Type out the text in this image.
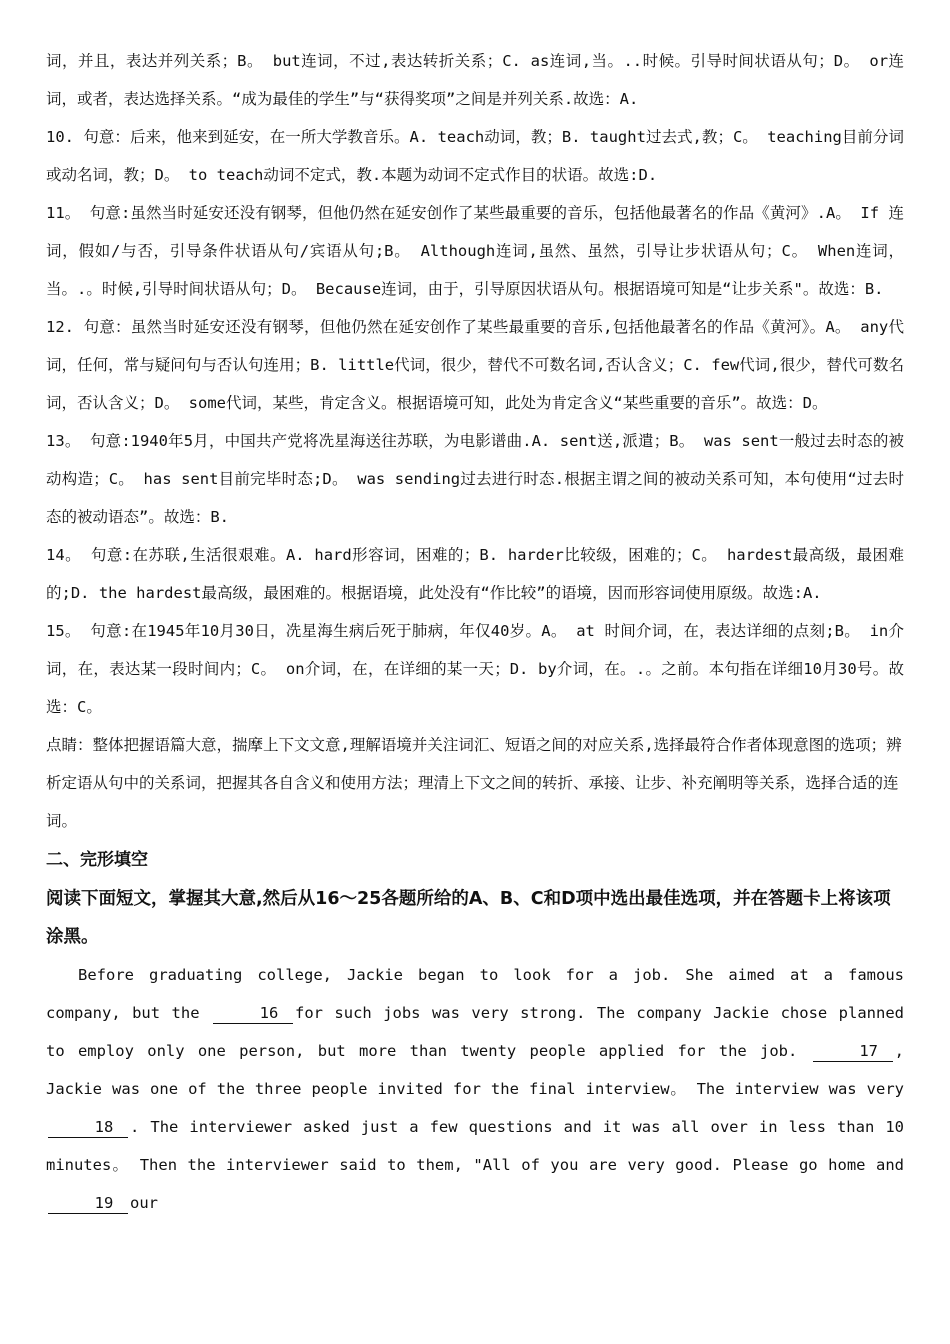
词，并且，表达并列关系；B。 but连词，不过,表达转折关系；C. as连词,当。..时候。引导时间状语从句；D。 or连词，或者，表达选择关系。“成为最佳的学生”与“获得奖项”之间是并列关系.故选：A.

10. 句意：后来，他来到延安，在一所大学教音乐。A. teach动词，教；B. taught过去式,教；C。 teaching目前分词或动名词，教；D。 to teach动词不定式，教.本题为动词不定式作目的状语。故选:D.

11。 句意:虽然当时延安还没有钢琴，但他仍然在延安创作了某些最重要的音乐，包括他最著名的作品《黄河》.A。 If 连词，假如/与否，引导条件状语从句/宾语从句;B。 Although连词,虽然、虽然，引导让步状语从句；C。 When连词，当。.。时候,引导时间状语从句；D。 Because连词，由于，引导原因状语从句。根据语境可知是“让步关系"。故选：B.

12. 句意：虽然当时延安还没有钢琴，但他仍然在延安创作了某些最重要的音乐,包括他最著名的作品《黄河》。A。 any代词，任何，常与疑问句与否认句连用；B. little代词，很少，替代不可数名词,否认含义；C. few代词,很少，替代可数名词，否认含义；D。 some代词，某些，肯定含义。根据语境可知，此处为肯定含义“某些重要的音乐”。故选：D。

13。 句意:1940年5月，中国共产党将冼星海送往苏联，为电影谱曲.A. sent送,派遣；B。 was sent一般过去时态的被动构造；C。 has sent目前完毕时态;D。 was sending过去进行时态.根据主谓之间的被动关系可知，本句使用“过去时态的被动语态”。故选：B.

14。 句意:在苏联,生活很艰难。A. hard形容词，困难的；B. harder比较级，困难的；C。 hardest最高级，最困难的;D. the hardest最高级，最困难的。根据语境，此处没有“作比较”的语境，因而形容词使用原级。故选:A.

15。 句意:在1945年10月30日，冼星海生病后死于肺病，年仅40岁。A。 at 时间介词，在，表达详细的点刻;B。 in介词，在，表达某一段时间内；C。 on介词，在，在详细的某一天；D. by介词，在。.。之前。本句指在详细10月30号。故选：C。

点睛：整体把握语篇大意，揣摩上下文文意,理解语境并关注词汇、短语之间的对应关系,选择最符合作者体现意图的选项；辨析定语从句中的关系词，把握其各自含义和使用方法；理清上下文之间的转折、承接、让步、补充阐明等关系，选择合适的连词。

二、完形填空

阅读下面短文，掌握其大意,然后从16～25各题所给的A、B、C和D项中选出最佳选项，并在答题卡上将该项涂黑。

Before graduating college, Jackie began to look for a job. She aimed at a famous company, but the	16 for such jobs was very strong. The company Jackie chose planned to employ only one person, but more than twenty people applied for the job.	17 , Jackie was one of the three people invited for the final interview。 The interview was very 18 . The interviewer asked just a few questions and it was all over in less than 10 minutes。 Then the interviewer said to them, "All of you are very good. Please go home and 19 our
